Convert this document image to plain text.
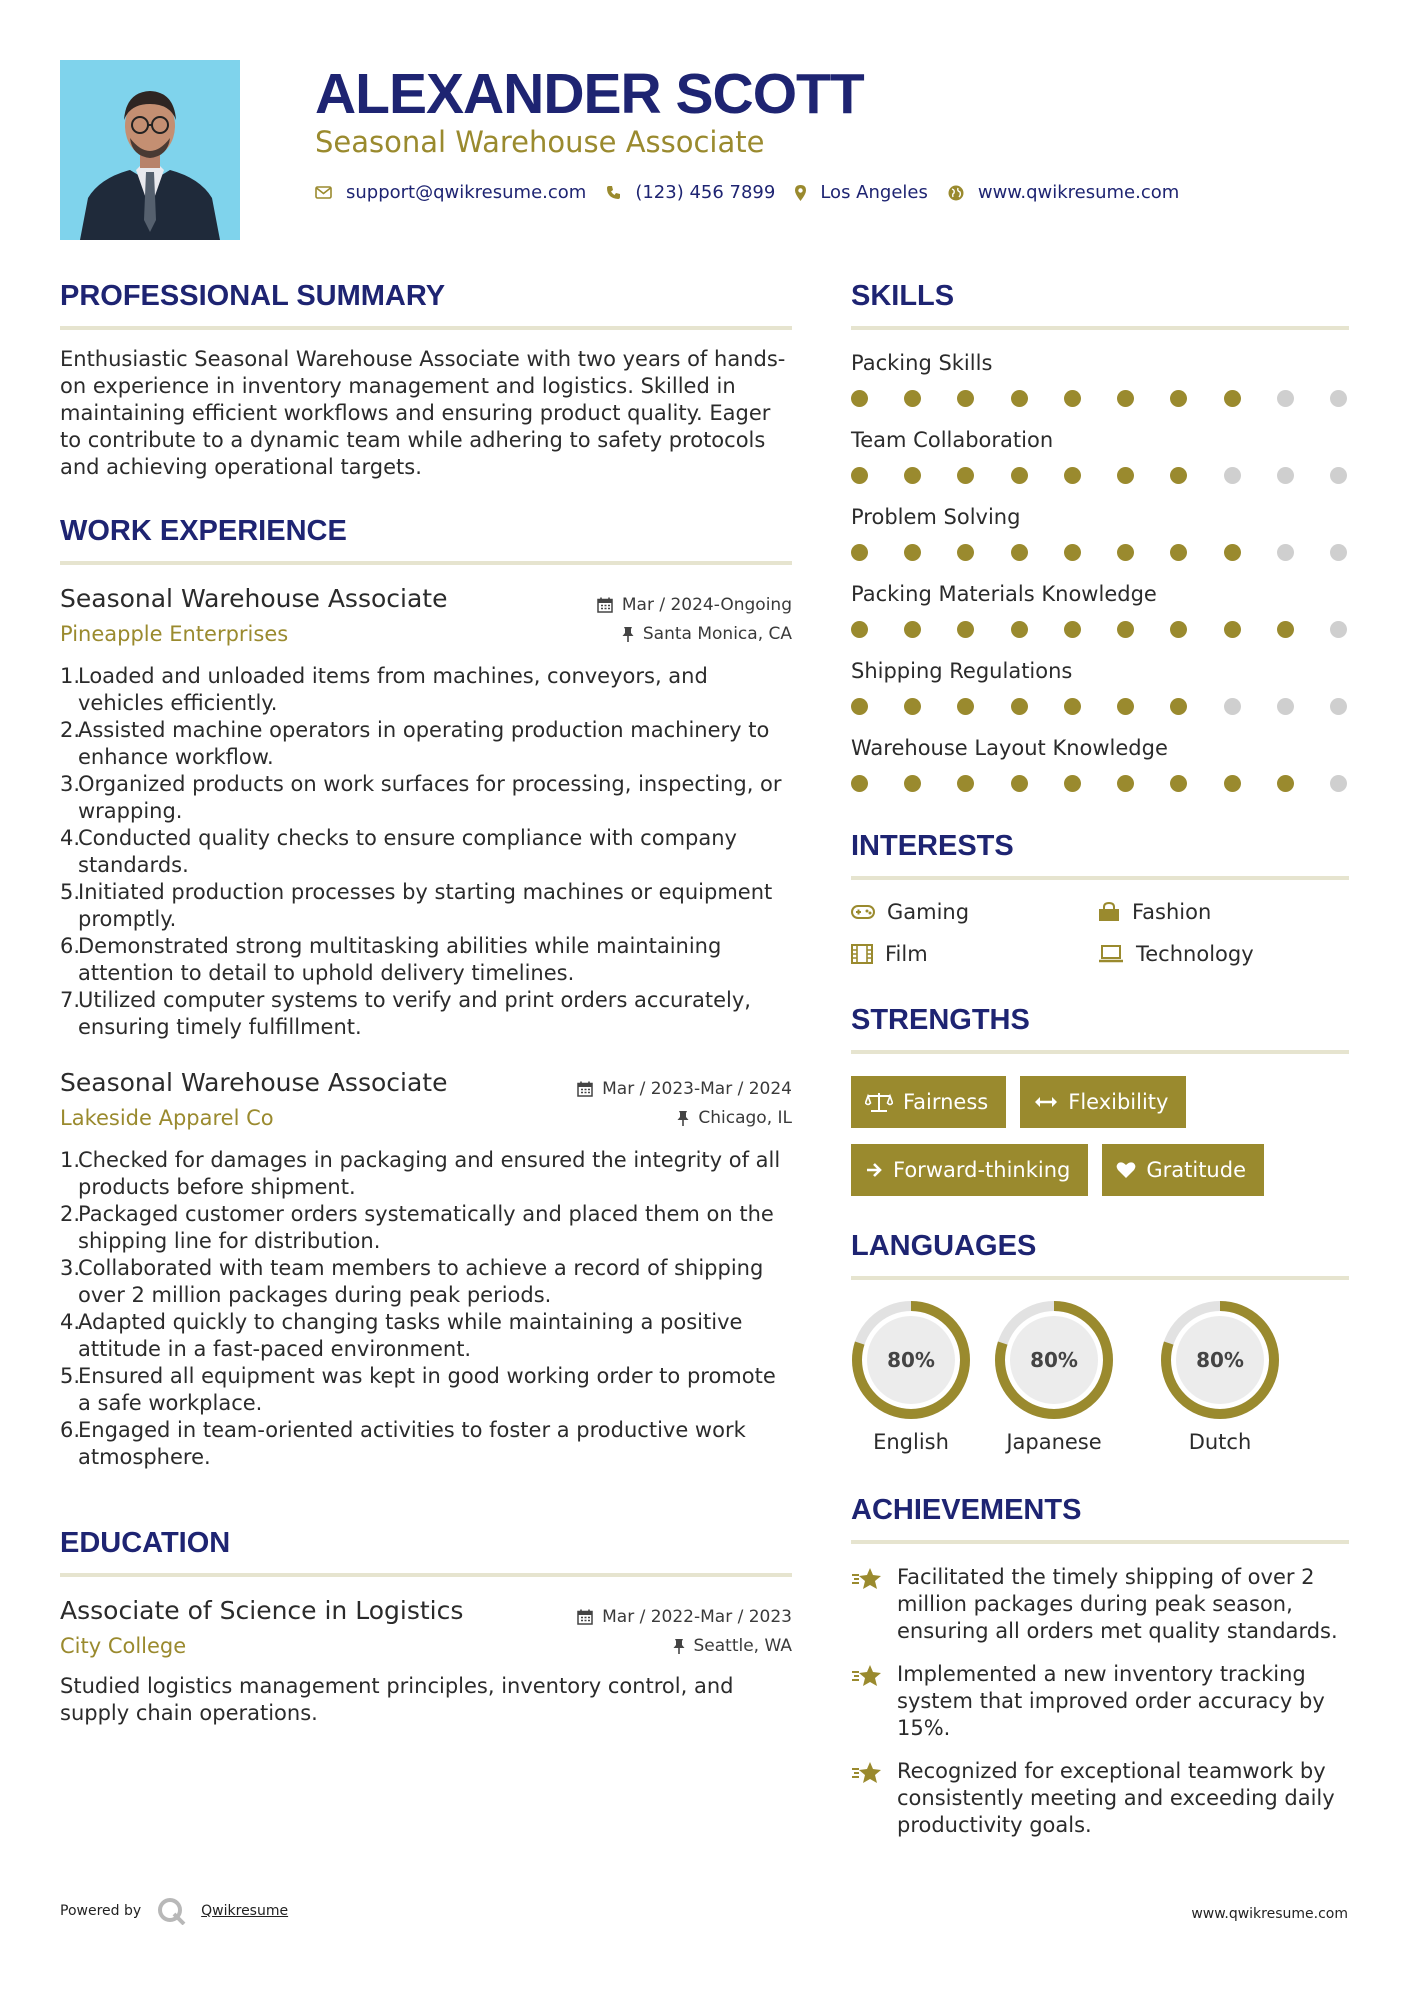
ALEXANDER SCOTT
Seasonal Warehouse Associate
support@qwikresume.com	(123) 456 7899	Los Angeles	www.qwikresume.com
PROFESSIONAL SUMMARY

Enthusiastic Seasonal Warehouse Associate with two years of hands-on experience in inventory management and logistics. Skilled in maintaining efficient workflows and ensuring product quality. Eager to contribute to a dynamic team while adhering to safety protocols and achieving operational targets.

WORK EXPERIENCE
Seasonal Warehouse Associate	Mar / 2024-Ongoing
Pineapple Enterprises	Santa Monica, CA
1.
Loaded and unloaded items from machines, conveyors, and vehicles efficiently.
2.
Assisted machine operators in operating production machinery to enhance workflow.
3.
Organized products on work surfaces for processing, inspecting, or wrapping.
4.
Conducted quality checks to ensure compliance with company standards.
5.
Initiated production processes by starting machines or equipment promptly.
6.
Demonstrated strong multitasking abilities while maintaining attention to detail to uphold delivery timelines.
7.
Utilized computer systems to verify and print orders accurately, ensuring timely fulfillment.
Seasonal Warehouse Associate	Mar / 2023-Mar / 2024
Lakeside Apparel Co	Chicago, IL
1.
Checked for damages in packaging and ensured the integrity of all products before shipment.
2.
Packaged customer orders systematically and placed them on the shipping line for distribution.
3.
Collaborated with team members to achieve a record of shipping over 2 million packages during peak periods.
4.
Adapted quickly to changing tasks while maintaining a positive attitude in a fast-paced environment.
5.
Ensured all equipment was kept in good working order to promote a safe workplace.
6.
Engaged in team-oriented activities to foster a productive work atmosphere.
EDUCATION
Associate of Science in Logistics	Mar / 2022-Mar / 2023
City College	Seattle, WA

Studied logistics management principles, inventory control, and supply chain operations.

SKILLS
Packing Skills
Team Collaboration
Problem Solving
Packing Materials Knowledge
Shipping Regulations
Warehouse Layout Knowledge
INTERESTS
Gaming	Fashion
Film	Technology
STRENGTHS
Fairness	Flexibility
Forward-thinking	Gratitude
LANGUAGES
80%
English
80%
Japanese
80%
Dutch
ACHIEVEMENTS
Facilitated the timely shipping of over 2 million packages during peak season, ensuring all orders met quality standards.
Implemented a new inventory tracking system that improved order accuracy by 15%.
Recognized for exceptional teamwork by consistently meeting and exceeding daily productivity goals.
Powered by	Qwikresume	www.qwikresume.com
